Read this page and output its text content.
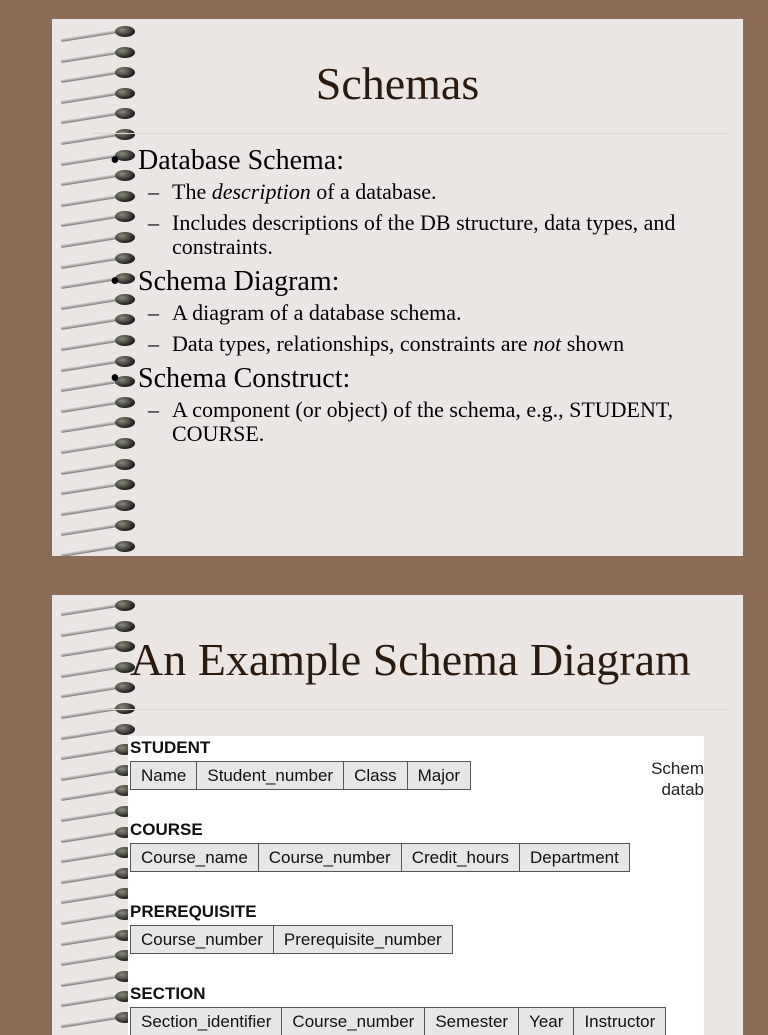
Schemas
• Database Schema:
– The description of a database.
– Includes descriptions of the DB structure, data types, and constraints.
• Schema Diagram:
– A diagram of a database schema.
– Data types, relationships, constraints are not shown
• Schema Construct:
– A component (or object) of the schema, e.g., STUDENT, COURSE.
An Example Schema Diagram
Schem
datab
STUDENT
Name	Student_number	Class	Major
COURSE
Course_name	Course_number	Credit_hours	Department
PREREQUISITE
Course_number	Prerequisite_number
SECTION
Section_identifier	Course_number	Semester	Year	Instructor
